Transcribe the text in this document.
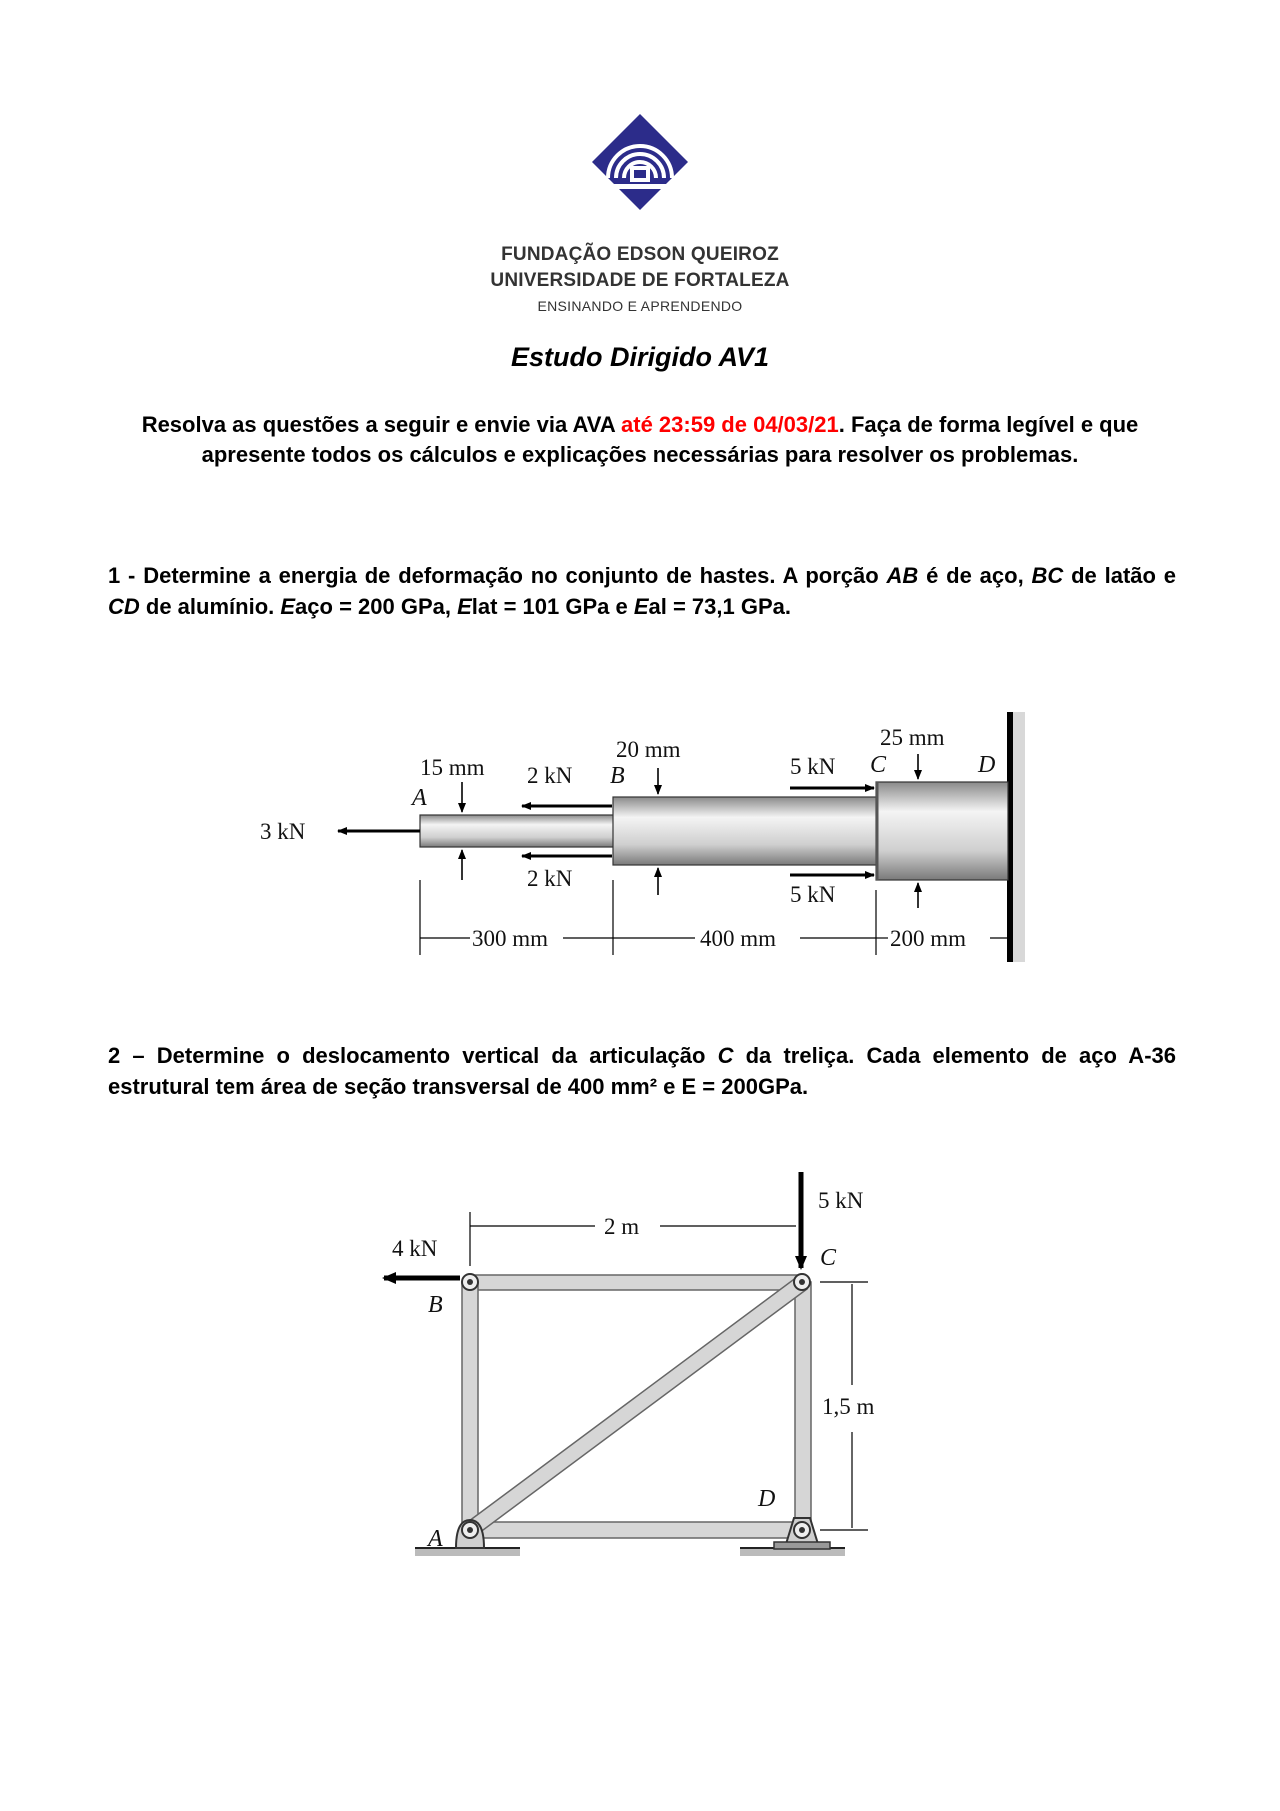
FUNDAÇÃO EDSON QUEIROZ
UNIVERSIDADE DE FORTALEZA
ENSINANDO E APRENDENDO
Estudo Dirigido AV1
Resolva as questões a seguir e envie via AVA até 23:59 de 04/03/21. Faça de forma legível e que apresente todos os cálculos e explicações necessárias para resolver os problemas.
1 - Determine a energia de deformação no conjunto de hastes. A porção AB é de aço, BC de latão e CD de alumínio. Eaço = 200 GPa, Elat = 101 GPa e Eal = 73,1 GPa.
3 kN
15 mm
A
2 kN B
20 mm
2 kN
5 kN C
25 mm
D
5 kN
300 mm	400 mm	200 mm
2 – Determine o deslocamento vertical da articulação C da treliça. Cada elemento de aço A-36 estrutural tem área de seção transversal de 400 mm² e E = 200GPa.
5 kN
C
4 kN
B
2 m
1,5 m
A
D
